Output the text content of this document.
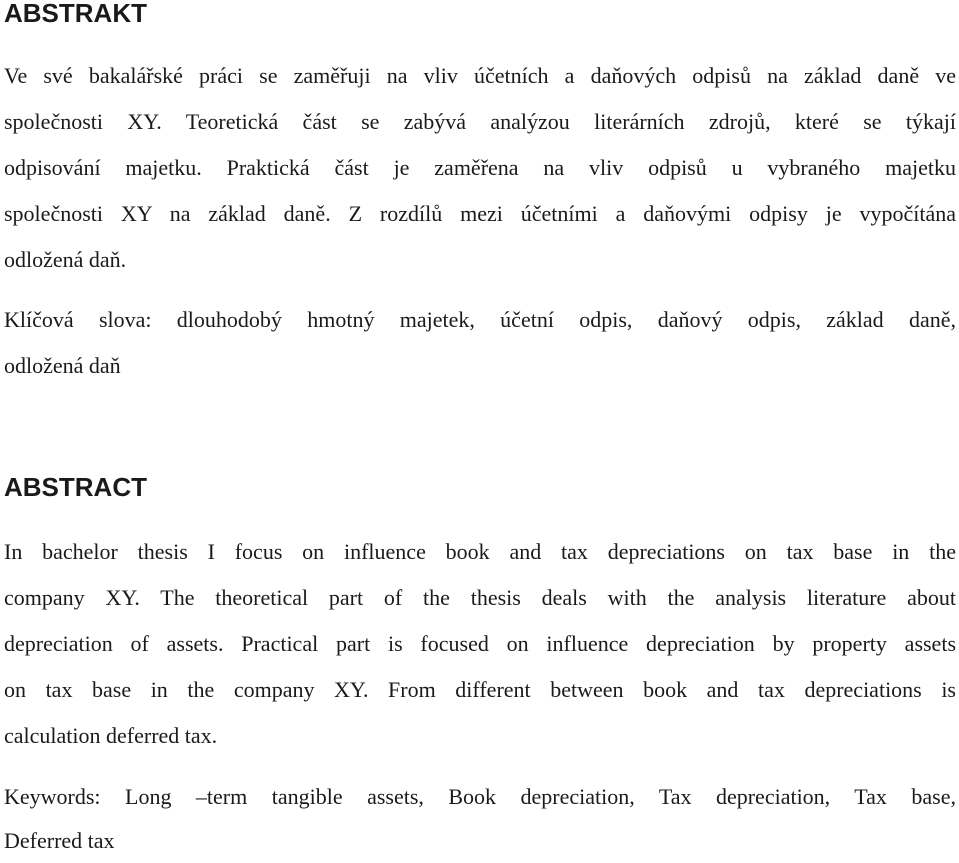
ABSTRAKT
Ve své bakalářské práci se zaměřuji na vliv účetních a daňových odpisů na základ daně ve
společnosti XY. Teoretická část se zabývá analýzou literárních zdrojů, které se týkají
odpisování majetku. Praktická část je zaměřena na vliv odpisů u vybraného majetku
společnosti XY na základ daně. Z rozdílů mezi účetními a daňovými odpisy je vypočítána
odložená daň.
Klíčová slova: dlouhodobý hmotný majetek, účetní odpis, daňový odpis, základ daně,
odložená daň
ABSTRACT
In bachelor thesis I focus on influence book and tax depreciations on tax base in the
company XY. The theoretical part of the thesis deals with the analysis literature about
depreciation of assets. Practical part is focused on influence depreciation by property assets
on tax base in the company XY. From different between book and tax depreciations is
calculation deferred tax.
Keywords: Long –term tangible assets, Book depreciation, Tax depreciation, Tax base,
Deferred tax
